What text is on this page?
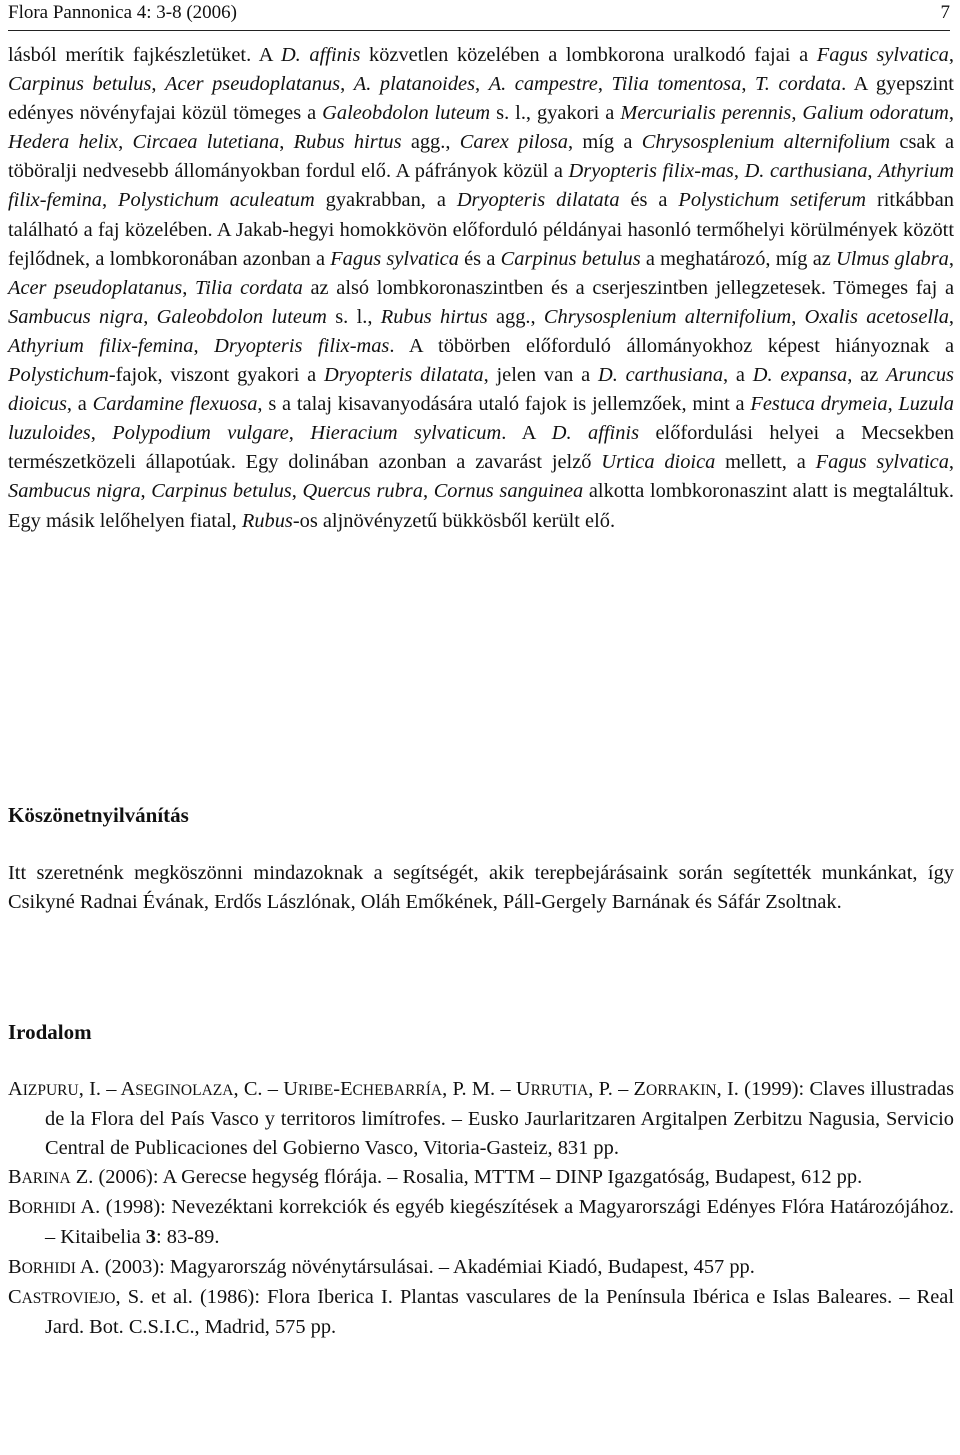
Flora Pannonica 4: 3-8 (2006)	7

lásból merítik fajkészletüket. A D. affinis közvetlen közelében a lombkorona uralkodó fajai a Fagus sylvatica, Carpinus betulus, Acer pseudoplatanus, A. platanoides, A. campestre, Tilia tomentosa, T. cordata. A gyepszint edényes növényfajai közül tömeges a Galeobdolon luteum s. l., gyakori a Mercurialis perennis, Galium odoratum, Hedera helix, Circaea lutetiana, Rubus hirtus agg., Carex pilosa, míg a Chrysosplenium alternifolium csak a töböralji nedvesebb állományokban fordul elő. A páfrányok közül a Dryopteris filix-mas, D. carthusiana, Athyrium filix-femina, Polystichum aculeatum gyakrabban, a Dryopteris dilatata és a Polystichum setiferum ritkábban található a faj közelében. A Jakab-hegyi homokkövön előforduló példányai hasonló termőhelyi körülmények között fejlődnek, a lombkoronában azonban a Fagus sylvatica és a Carpinus betulus a meghatározó, míg az Ulmus glabra, Acer pseudoplatanus, Tilia cordata az alsó lombkoronaszintben és a cserjeszintben jellegzetesek. Tömeges faj a Sambucus nigra, Galeobdolon luteum s. l., Rubus hirtus agg., Chrysosplenium alternifolium, Oxalis acetosella, Athyrium filix-femina, Dryopteris filix-mas. A töbörben előforduló állományokhoz képest hiányoznak a Polystichum-fajok, viszont gyakori a Dryopteris dilatata, jelen van a D. carthusiana, a D. expansa, az Aruncus dioicus, a Cardamine flexuosa, s a talaj kisavanyodására utaló fajok is jellemzőek, mint a Festuca drymeia, Luzula luzuloides, Polypodium vulgare, Hieracium sylvaticum. A D. affinis előfordulási helyei a Mecsekben természetközeli állapotúak. Egy dolinában azonban a zavarást jelző Urtica dioica mellett, a Fagus sylvatica, Sambucus nigra, Carpinus betulus, Quercus rubra, Cornus sanguinea alkotta lombkoronaszint alatt is megtaláltuk. Egy másik lelőhelyen fiatal, Rubus-os aljnövényzetű bükkösből került elő.

Köszönetnyilvánítás

Itt szeretnénk megköszönni mindazoknak a segítségét, akik terepbejárásaink során segítették munkánkat, így Csikyné Radnai Évának, Erdős Lászlónak, Oláh Emőkének, Páll-Gergely Barnának és Sáfár Zsoltnak.

Irodalom

AIZPURU, I. – ASEGINOLAZA, C. – URIBE-ECHEBARRÍA, P. M. – URRUTIA, P. – ZORRAKIN, I. (1999): Claves illustradas de la Flora del País Vasco y territoros limítrofes. – Eusko Jaurlaritzaren Argitalpen Zerbitzu Nagusia, Servicio Central de Publicaciones del Gobierno Vasco, Vitoria-Gasteiz, 831 pp.

BARINA Z. (2006): A Gerecse hegység flórája. – Rosalia, MTTM – DINP Igazgatóság, Budapest, 612 pp.

BORHIDI A. (1998): Nevezéktani korrekciók és egyéb kiegészítések a Magyarországi Edényes Flóra Határozójához. – Kitaibelia 3: 83-89.

BORHIDI A. (2003): Magyarország növénytársulásai. – Akadémiai Kiadó, Budapest, 457 pp.

CASTROVIEJO, S. et al. (1986): Flora Iberica I. Plantas vasculares de la Península Ibérica e Islas Baleares. – Real Jard. Bot. C.S.I.C., Madrid, 575 pp.
